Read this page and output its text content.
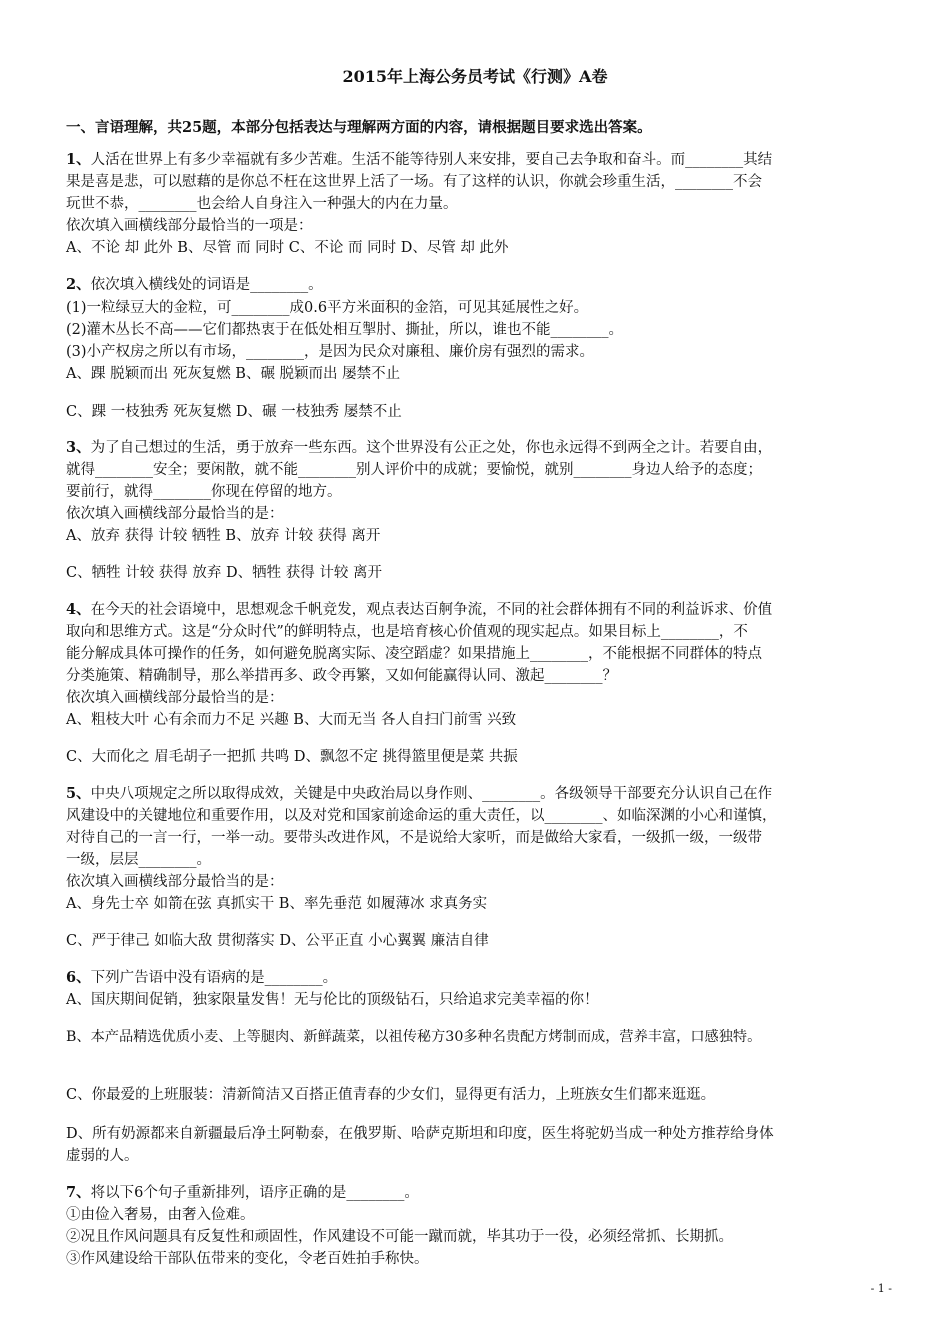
2015年上海公务员考试《行测》A卷
一、言语理解，共25题，本部分包括表达与理解两方面的内容，请根据题目要求选出答案。
1、人活在世界上有多少幸福就有多少苦难。生活不能等待别人来安排，要自己去争取和奋斗。而________其结
果是喜是悲，可以慰藉的是你总不枉在这世界上活了一场。有了这样的认识，你就会珍重生活，________不会
玩世不恭，________也会给人自身注入一种强大的内在力量。
依次填入画横线部分最恰当的一项是：
A、不论 却 此外 B、尽管 而 同时 C、不论 而 同时 D、尽管 却 此外
2、依次填入横线处的词语是________。
(1)一粒绿豆大的金粒，可________成0.6平方米面积的金箔，可见其延展性之好。
(2)灌木丛长不高——它们都热衷于在低处相互掣肘、撕扯，所以，谁也不能________。
(3)小产权房之所以有市场，________，是因为民众对廉租、廉价房有强烈的需求。
A、踝 脱颖而出 死灰复燃 B、碾 脱颖而出 屡禁不止
C、踝 一枝独秀 死灰复燃 D、碾 一枝独秀 屡禁不止
3、为了自己想过的生活，勇于放弃一些东西。这个世界没有公正之处，你也永远得不到两全之计。若要自由，
就得________安全；要闲散，就不能________别人评价中的成就；要愉悦，就别________身边人给予的态度；
要前行，就得________你现在停留的地方。
依次填入画横线部分最恰当的是：
A、放弃 获得 计较 牺牲 B、放弃 计较 获得 离开
C、牺牲 计较 获得 放弃 D、牺牲 获得 计较 离开
4、在今天的社会语境中，思想观念千帆竞发，观点表达百舸争流，不同的社会群体拥有不同的利益诉求、价值
取向和思维方式。这是“分众时代”的鲜明特点，也是培育核心价值观的现实起点。如果目标上________，不
能分解成具体可操作的任务，如何避免脱离实际、凌空蹈虚？如果措施上________，不能根据不同群体的特点
分类施策、精确制导，那么举措再多、政令再繁，又如何能赢得认同、激起________？
依次填入画横线部分最恰当的是：
A、粗枝大叶 心有余而力不足 兴趣 B、大而无当 各人自扫门前雪 兴致
C、大而化之 眉毛胡子一把抓 共鸣 D、飘忽不定 挑得篮里便是菜 共振
5、中央八项规定之所以取得成效，关键是中央政治局以身作则、________。各级领导干部要充分认识自己在作
风建设中的关键地位和重要作用，以及对党和国家前途命运的重大责任，以________、如临深渊的小心和谨慎，
对待自己的一言一行，一举一动。要带头改进作风，不是说给大家听，而是做给大家看，一级抓一级，一级带
一级，层层________。
依次填入画横线部分最恰当的是：
A、身先士卒 如箭在弦 真抓实干 B、率先垂范 如履薄冰 求真务实
C、严于律己 如临大敌 贯彻落实 D、公平正直 小心翼翼 廉洁自律
6、下列广告语中没有语病的是________。
A、国庆期间促销，独家限量发售！无与伦比的顶级钻石，只给追求完美幸福的你！
B、本产品精选优质小麦、上等腿肉、新鲜蔬菜，以祖传秘方30多种名贵配方烤制而成，营养丰富，口感独特。
C、你最爱的上班服装：清新简洁又百搭正值青春的少女们，显得更有活力，上班族女生们都来逛逛。
D、所有奶源都来自新疆最后净土阿勒泰，在俄罗斯、哈萨克斯坦和印度，医生将驼奶当成一种处方推荐给身体
虚弱的人。
7、将以下6个句子重新排列，语序正确的是________。
①由俭入奢易，由奢入俭难。
②况且作风问题具有反复性和顽固性，作风建设不可能一蹴而就，毕其功于一役，必须经常抓、长期抓。
③作风建设给干部队伍带来的变化，令老百姓拍手称快。
- 1 -
